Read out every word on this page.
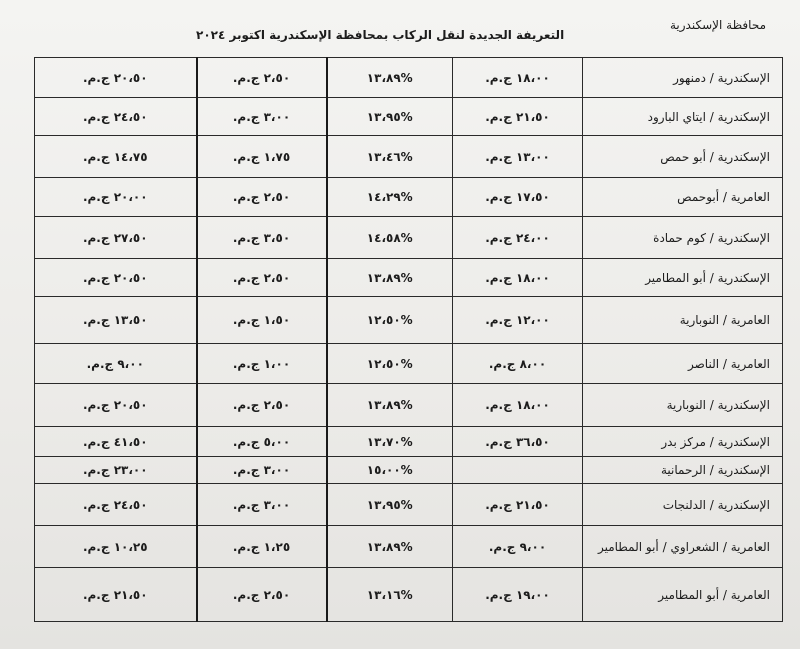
محافظة الإسكندرية
التعريفة الجديدة لنقل الركاب بمحافظة الإسكندرية اكتوبر ٢٠٢٤
الإسكندرية / دمنهور	١٨،٠٠ ج.م.	%١٣،٨٩	٢،٥٠ ج.م.	٢٠،٥٠ ج.م.
الإسكندرية / ايتاي البارود	٢١،٥٠ ج.م.	%١٣،٩٥	٣،٠٠ ج.م.	٢٤،٥٠ ج.م.
الإسكندرية / أبو حمص	١٣،٠٠ ج.م.	%١٣،٤٦	١،٧٥ ج.م.	١٤،٧٥ ج.م.
العامرية / أبوحمص	١٧،٥٠ ج.م.	%١٤،٢٩	٢،٥٠ ج.م.	٢٠،٠٠ ج.م.
الإسكندرية / كوم حمادة	٢٤،٠٠ ج.م.	%١٤،٥٨	٣،٥٠ ج.م.	٢٧،٥٠ ج.م.
الإسكندرية / أبو المطامير	١٨،٠٠ ج.م.	%١٣،٨٩	٢،٥٠ ج.م.	٢٠،٥٠ ج.م.
العامرية / النوبارية	١٢،٠٠ ج.م.	%١٢،٥٠	١،٥٠ ج.م.	١٣،٥٠ ج.م.
العامرية / الناصر	٨،٠٠ ج.م.	%١٢،٥٠	١،٠٠ ج.م.	٩،٠٠ ج.م.
الإسكندرية / النوبارية	١٨،٠٠ ج.م.	%١٣،٨٩	٢،٥٠ ج.م.	٢٠،٥٠ ج.م.
الإسكندرية / مركز بدر	٣٦،٥٠ ج.م.	%١٣،٧٠	٥،٠٠ ج.م.	٤١،٥٠ ج.م.
الإسكندرية / الرحمانية		%١٥،٠٠	٣،٠٠ ج.م.	٢٣،٠٠ ج.م.
الإسكندرية / الدلنجات	٢١،٥٠ ج.م.	%١٣،٩٥	٣،٠٠ ج.م.	٢٤،٥٠ ج.م.
العامرية / الشعراوي / أبو المطامير	٩،٠٠ ج.م.	%١٣،٨٩	١،٢٥ ج.م.	١٠،٢٥ ج.م.
العامرية / أبو المطامير	١٩،٠٠ ج.م.	%١٣،١٦	٢،٥٠ ج.م.	٢١،٥٠ ج.م.
